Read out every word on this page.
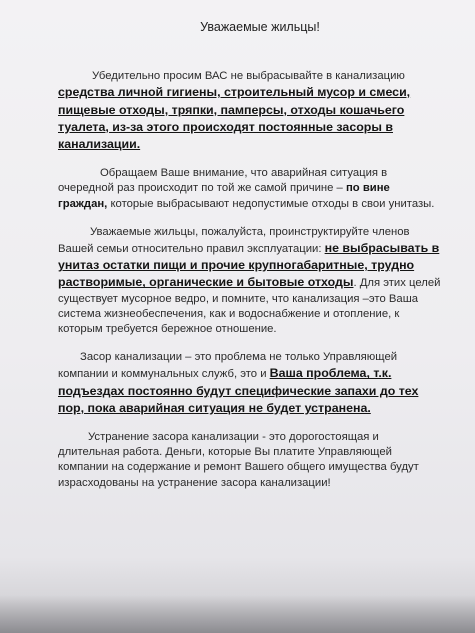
Уважаемые жильцы!

Убедительно просим ВАС не выбрасывайте в канализацию средства личной гигиены, строительный мусор и смеси, пищевые отходы, тряпки, памперсы, отходы кошачьего туалета, из-за этого происходят постоянные засоры в канализации.

Обращаем Ваше внимание, что аварийная ситуация в очередной раз происходит по той же самой причине – по вине граждан, которые выбрасывают недопустимые отходы в свои унитазы.

Уважаемые жильцы, пожалуйста, проинструктируйте членов Вашей семьи относительно правил эксплуатации: не выбрасывать в унитаз остатки пищи и прочие крупногабаритные, трудно растворимые, органические и бытовые отходы. Для этих целей существует мусорное ведро, и помните, что канализация –это Ваша система жизнеобеспечения, как и водоснабжение и отопление, к которым требуется бережное отношение.

Засор канализации – это проблема не только Управляющей компании и коммунальных служб, это и Ваша проблема, т.к. подъездах постоянно будут специфические запахи до тех пор, пока аварийная ситуация не будет устранена.

Устранение засора канализации - это дорогостоящая и длительная работа. Деньги, которые Вы платите Управляющей компании на содержание и ремонт Вашего общего имущества будут израсходованы на устранение засора канализации!
